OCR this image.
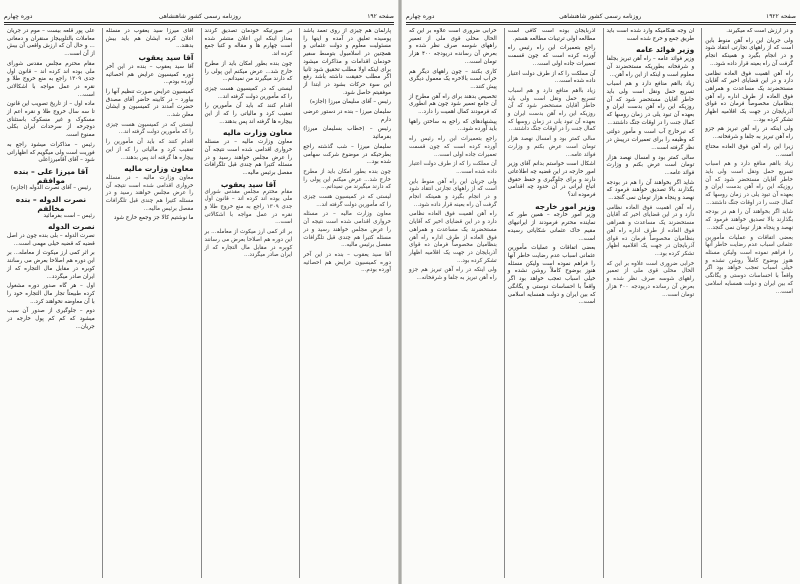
صفحه ۱۹۲
روزنامه رسمی کشور شاهنشاهی
دوره چهارم

پارلمان هم چیزی از روی تعمد یاشد پوسیده تعلیق در آمده و اینها را مسئولیت معلوم و دولت عثمانی و همچنین در اسلامبول بتوسط سفیر خودمان اقدامات و مذاکرات میشود برای اینکه اولا مطلب تحقیق شود ثانیا اگر مطلب حقیقت داشته باشد رفع این سوء حرکات بشود در ابتدا از موفقیتم حاصل شود.

رئیس – آقای سلیمان میرزا (اجازه)

سلیمان میرزا – بنده در دستور عرضی دارم

رئیس – (خطاب بسلیمان میرزا) بفرمائید

سلیمان میرزا – شب گذشته راجع بطرحیکه در موضوع شرکت سهامی شده بود...

چون بنده بطور امکان باید از مطرح خارج شد... عرض میکنم این پولی را که دارند میگیرند من نمیدانم...

لیستی که در کمیسیون هست چیزی را که مأمورین دولت گرفته اند...

معاون وزارت مالیه – در مسئله خرواری اقدامی شده است نتیجه آن را عرض مجلس خواهند رسید و در مسئله کتیرا هم چندی قبل تلگرافات مفصل برئیس مالیه...

آقا سید یعقوب – بنده در این آخر دوره کمیسیون عرایض هم احصائیه آورده بودم...

در صورتیکه خودمان تصدیق کردند بعداز اینکه این اعلان منتشر شده است چهارم ها و مقاله و کتبا جمع کرده اند.

چون بنده بطور امکان باید از مطرح خارج شد... عرض میکنم این پولی را که دارند میگیرند من نمیدانم...

لیستی که در کمیسیون هست چیزی را که مأمورین دولت گرفته اند...

اقدام کنند که باید آن مأمورین را تعقیب کرد و مالیاتی را که از این بیچاره ها گرفته اند پس بدهند...

معاون وزارت مالیه

معاون وزارت مالیه – در مسئله خرواری اقدامی شده است نتیجه آن را عرض مجلس خواهند رسید و در مسئله کتیرا هم چندی قبل تلگرافات مفصل برئیس مالیه...

آقا سید یعقوب

مقام محترم مجلس مقدس شورای ملی بوده اند کرده اند – قانون اول جدی ۱۳۰۹ راجع به منع خروج طلا و نقره در عمل مواجه با اشکالاتی است...

بر اثر کمی ارز میکوت از معامله... بر این دوره هم اصلاحا بعرض می رسانند کوبره در مقابل مال التجاره که از ایران صادر میگردد...

آقای میرزا سید یعقوب در مسئله اعلان کرده ایشان هم باید بیش بدهند...

آقا سید یعقوب

آقا سید یعقوب – بنده در این آخر دوره کمیسیون عرایض هم احصائیه آورده بودم...

کمیسیون عرایض صورت تنظیم آنها را بیاورد – در کابینه حاضر آقای مصدق حضرت آمدند در کمیسیون و ایشان معلن شد...

لیستی که در کمیسیون هست چیزی را که مأمورین دولت گرفته اند...

اقدام کنند که باید آن مأمورین را تعقیب کرد و مالیاتی را که از این بیچاره ها گرفته اند پس بدهند...

معاون وزارت مالیه

معاون وزارت مالیه – در مسئله خرواری اقدامی شده است نتیجه آن را عرض مجلس خواهند رسید و در مسئله کتیرا هم چندی قبل تلگرافات مفصل برئیس مالیه...

ما نوشتیم کالا جز وجمع خارج شود

علی پور قلعه بیست – موم در جریان معاملات بالتلوبیجاز سنقران و دمغانی ... و حال آن که ارزش واقعی آن بیش از آن است...

مقام محترم مجلس مقدس شورای ملی بوده اند کرده اند – قانون اول جدی ۱۳۰۹ راجع به منع خروج طلا و نقره در عمل مواجه با اشکالاتی است...

ماده اول – از تاریخ تصویب این قانون تا سه سال خروج طلا و نقره اعم از مسکوک و غیر مسکوک باستثنای دوچرخه از سرحدات ایران بکلی ممنوع است.

رئیس – مذاکرات میشود راجع به فوریت است ولی میگویم که اظهاراتی شود – آقای آقامیرزاعلی

آقا میرزا علی – بنده موافقم

رئیس – آقای نصرت الدوله (اجازه)

نصرت الدوله – بنده مخالفم

رئیس – است بفرمائید

نصرت الدوله

نصرت الدوله – بلی بنده چون در اصل قضیه که قضیه خیلی مهمی است...

بر اثر کمی ارز میکوت از معامله... بر این دوره هم اصلاحا بعرض می رسانند کوبره در مقابل مال التجاره که از ایران صادر میگردد...

اول – هر گاه صدور دوره مشغول کرده طبیعتاً تجار مال التجاره خود را با آن معاوضه نخواهند کرد...

دوم – جلوگیری از صدور آن سبب میشود که کم کم پول خارجه در جریان...

صفحه ۱۹۲۲
روزنامه رسمی کشور شاهنشاهی
دوره چهارم

و در ارزش است که میگیرند.

ولی جریان این راه آهن منوط باین است که از راههای تجارتی انتقاد شود و در انجام بگیرد و همینکه انجام گرفت آن راه بعینه قرار داده شود...

راه آهن اهمیت فوق العاده نظامی دارد و در این قضایای اخیر که آقایان مستحضرند یک مساعدت و همراهی فوق العاده از طرف اداره راه آهن بنظامیان مخصوصاً فرمان ده قوای آذربایجان در جهت یک اقلامیه اظهار تشکر کرده بود...

ولی اینکه در راه آهن تبریز هم جزو راه آهن تبریز به جلفا و شرفخانه...

زیرا این راه آهن فوق العاده محتاج است...

زیاد بااهم منافع دارد و هم اسباب تسریع حمل ونقل است ولی باید خاطر آقایان مستحضر شود که آن روزیکه این راه آهن بدست ایران و بعهده آن تبود یلی در زمان روسها که کمال جنت را در اوقات جنگ داشتند...

شاید اگر بخواهند آن را هم در بودجه بگذارند بالا تصدیق خواهند فرمود که نهصد و پنجاه هزار تومان نمی گنجد...

بعضی اتفاقات و عملیات مأمورین عثمانی اسباب عدم رضایت خاطر آنها را فراهم نموده است ولیکن مسئله هنوز بوضوح کاملاً روشن نشده و خیلی اسباب تعجب خواهد بود اگر واقعاً با احساسات دوستی و یگانگی که بین ایران و دولت همسایه اسلامی است...

آن وجه هنگامیکه وارد شده است باید طریق جمع و خرج شده است

وزیر فوائد عامه

وزیر فوائد عامه – راه آهن تبریز بجلفا و شرفخانه بطوریکه مستحضرند آن معلوم است و اینکه از این راه آهن...

زیاد بااهم منافع دارد و هم اسباب تسریع حمل ونقل است ولی باید خاطر آقایان مستحضر شود که آن روزیکه این راه آهن بدست ایران و بعهده آن تبود یلی در زمان روسها که کمال جنت را در اوقات جنگ داشتند...

که تبرخارج آب است و مأمور دولتی که وظیفه را برای تعمیرات درپیش در نظر گرفته است...

سالی کمتر بود و امسال نهصد هزار تومان است عرض بکنم و وزارت فوائد عامه...

شاید اگر بخواهند آن را هم در بودجه بگذارند بالا تصدیق خواهند فرمود که نهصد و پنجاه هزار تومان نمی گنجد...

راه آهن اهمیت فوق العاده نظامی دارد و در این قضایای اخیر که آقایان مستحضرند یک مساعدت و همراهی فوق العاده از طرف اداره راه آهن بنظامیان مخصوصاً فرمان ده قوای آذربایجان در جهت یک اقلامیه اظهار تشکر کرده بود...

خرابی ضروری است علاوه بر این که الحال محلی قوی ملی از تعمیر راههای شوسه صرف نظر شده و بعرض آن رسانده دریودجه ۴۰۰ هزار تومان است...

آذربایجان بوده است کافی است مطالعه اولی ترتیبات مطالعه هستم.

راجع بتعمیرات این راه رئیس راه آورده کرده است که چون قسمت تعمیرات جاده اولی است...

آن مملکت را که از طرف دولت اعتبار داده شده است...

زیاد بااهم منافع دارد و هم اسباب تسریع حمل ونقل است ولی باید خاطر آقایان مستحضر شود که آن روزیکه این راه آهن بدست ایران و بعهده آن تبود یلی در زمان روسها که کمال جنت را در اوقات جنگ داشتند...

سالی کمتر بود و امسال نهصد هزار تومان است عرض بکنم و وزارت فوائد عامه...

اشکال است خواستم بدانم آقای وزیر امور خارجه در این قضیه چه اطلاعاتی دارند و برای جلوگیری و حفظ حقوق اتباع ایرانی در آن حدود چه اقدامی فرموده اند؟

وزیر امور خارجه

وزیر امور خارجه – همین طور که نماینده محترم فرمودند از ایرانیهای مقیم خاک عثمانی شکایاتی رسیده است...

بعضی اتفاقات و عملیات مأمورین عثمانی اسباب عدم رضایت خاطر آنها را فراهم نموده است ولیکن مسئله هنوز بوضوح کاملاً روشن نشده و خیلی اسباب تعجب خواهد بود اگر واقعاً با احساسات دوستی و یگانگی که بین ایران و دولت همسایه اسلامی است...

خرابی ضروری است علاوه بر این که الحال محلی قوی ملی از تعمیر راههای شوسه صرف نظر شده و بعرض آن رسانده دریودجه ۴۰۰ هزار تومان است...

کاری بکنند – چون راههای دیگر هم خراب است بالاخره یک معمول دیگری پیش کنند...

تخصیص بدهند برای راه آهن مطرح از آن جامع تعمیر شود چون هم انطوری که فرمودند کمال اهمیت را دارد...

پیشنهادهای که راجع به ساختن راهها باید آورده شود...

راجع بتعمیرات این راه رئیس راه آورده کرده است که چون قسمت تعمیرات جاده اولی است...

آن مملکت را که از طرف دولت اعتبار داده شده است...

ولی جریان این راه آهن منوط باین است که از راههای تجارتی انتقاد شود و در انجام بگیرد و همینکه انجام گرفت آن راه بعینه قرار داده شود...

راه آهن اهمیت فوق العاده نظامی دارد و در این قضایای اخیر که آقایان مستحضرند یک مساعدت و همراهی فوق العاده از طرف اداره راه آهن بنظامیان مخصوصاً فرمان ده قوای آذربایجان در جهت یک اقلامیه اظهار تشکر کرده بود...

ولی اینکه در راه آهن تبریز هم جزو راه آهن تبریز به جلفا و شرفخانه...
